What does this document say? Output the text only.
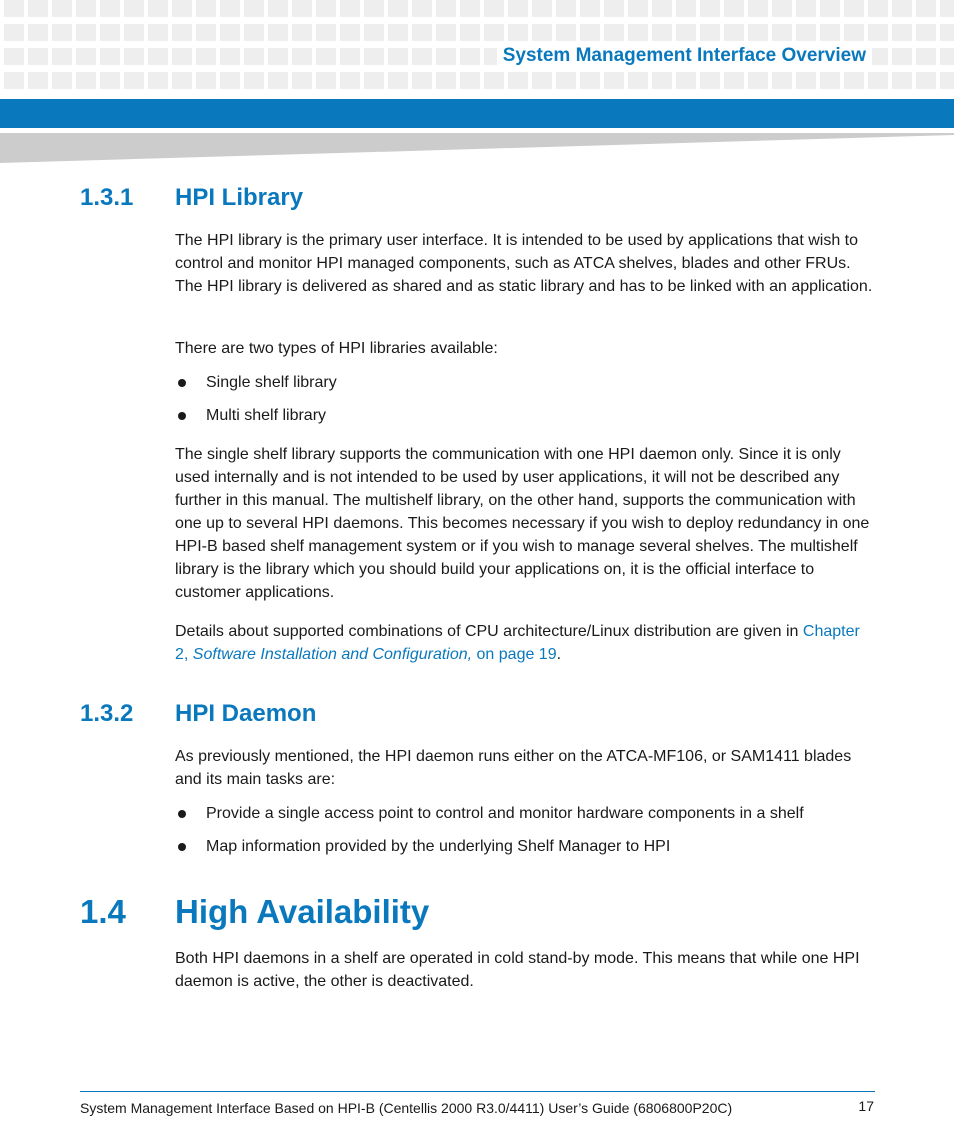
System Management Interface Overview
1.3.1 HPI Library

The HPI library is the primary user interface. It is intended to be used by applications that wish to control and monitor HPI managed components, such as ATCA shelves, blades and other FRUs. The HPI library is delivered as shared and as static library and has to be linked with an application.

There are two types of HPI libraries available:

Single shelf library
Multi shelf library

The single shelf library supports the communication with one HPI daemon only. Since it is only used internally and is not intended to be used by user applications, it will not be described any further in this manual. The multishelf library, on the other hand, supports the communication with one up to several HPI daemons. This becomes necessary if you wish to deploy redundancy in one HPI-B based shelf management system or if you wish to manage several shelves. The multishelf library is the library which you should build your applications on, it is the official interface to customer applications.

Details about supported combinations of CPU architecture/Linux distribution are given in Chapter 2, Software Installation and Configuration, on page 19.

1.3.2 HPI Daemon

As previously mentioned, the HPI daemon runs either on the ATCA-MF106, or SAM1411 blades and its main tasks are:

Provide a single access point to control and monitor hardware components in a shelf
Map information provided by the underlying Shelf Manager to HPI
1.4 High Availability

Both HPI daemons in a shelf are operated in cold stand-by mode. This means that while one HPI daemon is active, the other is deactivated.

System Management Interface Based on HPI-B (Centellis 2000 R3.0/4411) User’s Guide (6806800P20C)	17
